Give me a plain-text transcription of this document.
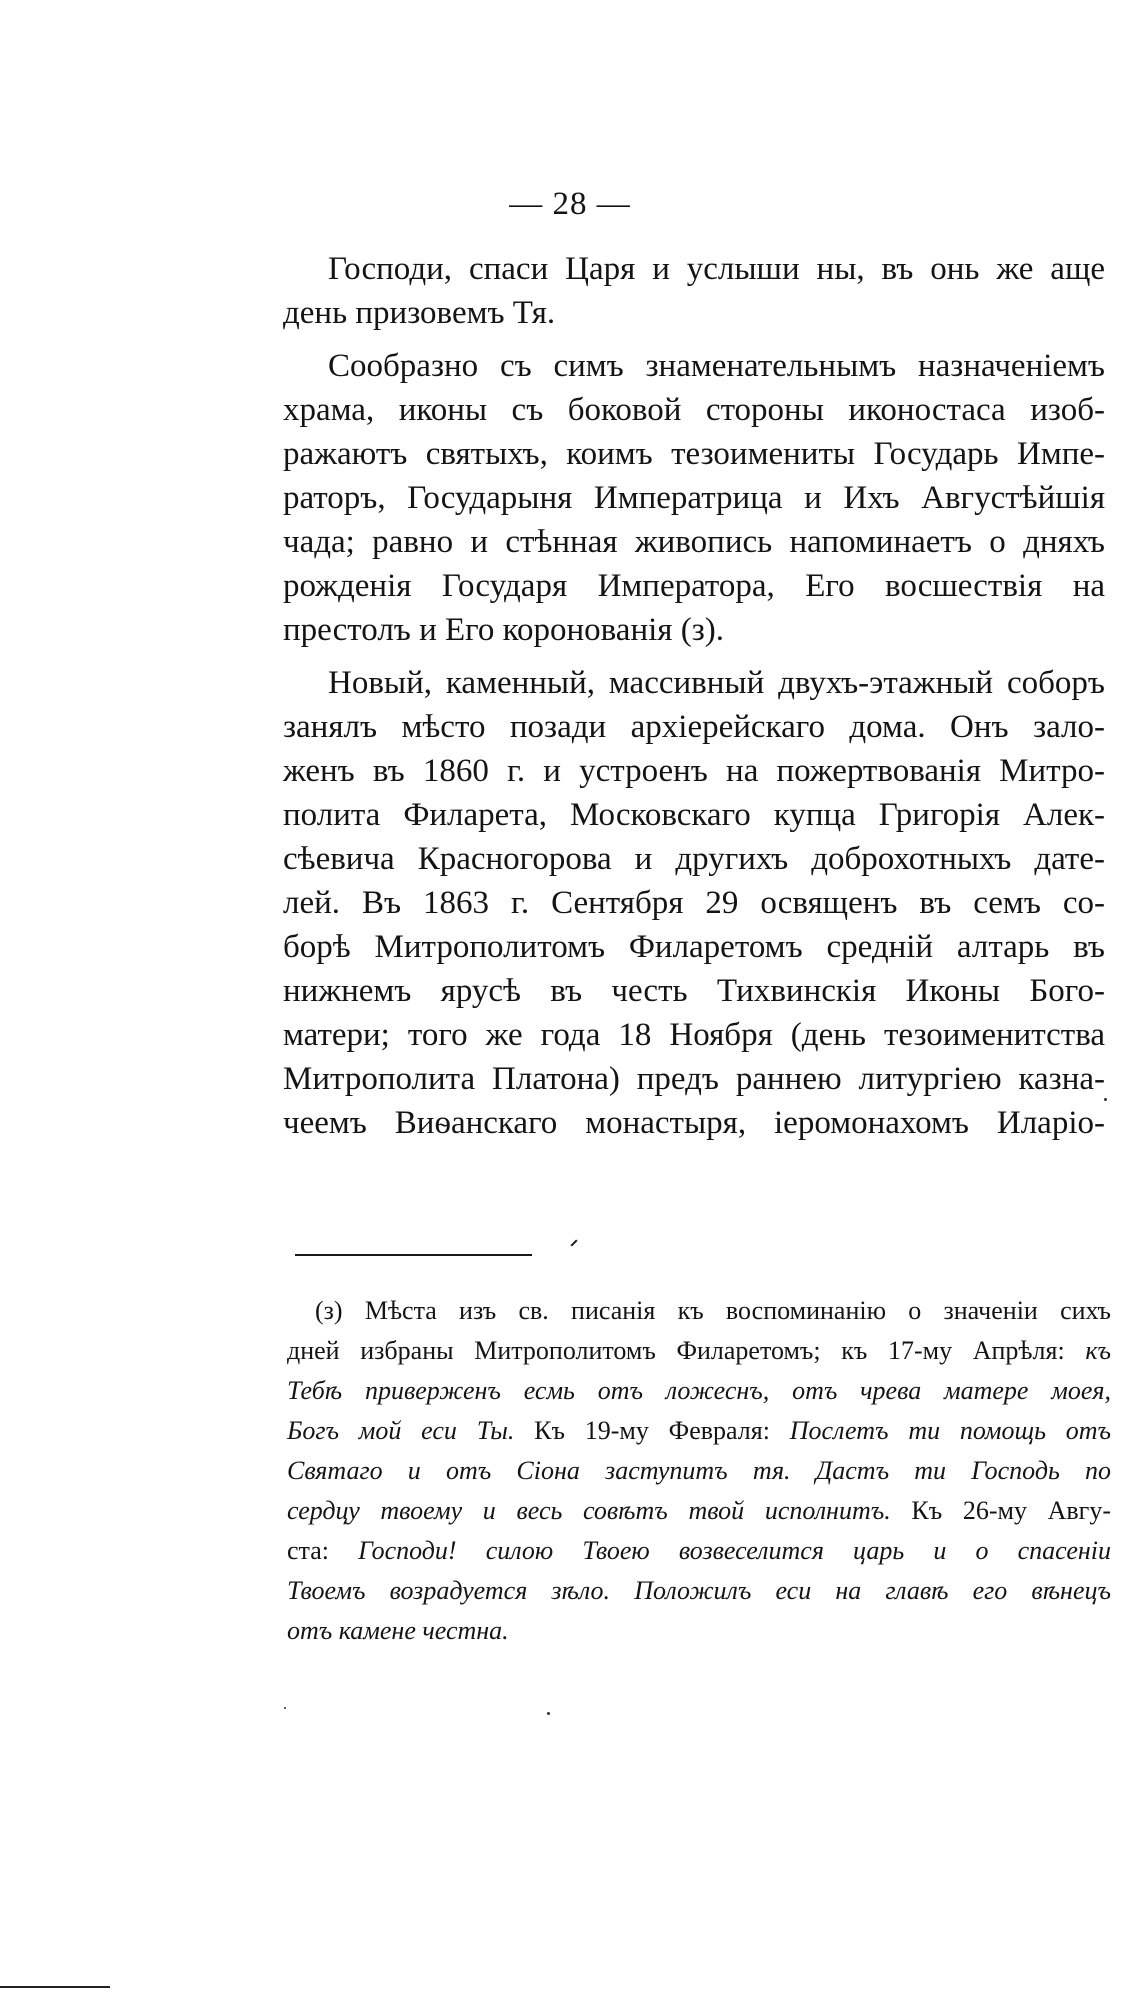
— 28 —
Господи, спаси Царя и услыши ны, въ онь же аще
день призовемъ Тя.
Сообразно съ симъ знаменательнымъ назначеніемъ
храма, иконы съ боковой стороны иконостаса изоб-
ражаютъ святыхъ, коимъ тезоимениты Государь Импе-
раторъ, Государыня Императрица и Ихъ Августѣйшія
чада; равно и стѣнная живопись напоминаетъ о дняхъ
рожденія Государя Императора, Его восшествія на
престолъ и Его коронованія (з).
Новый, каменный, массивный двухъ-этажный соборъ
занялъ мѣсто позади архіерейскаго дома. Онъ зало-
женъ въ 1860 г. и устроенъ на пожертвованія Митро-
полита Филарета, Московскаго купца Григорія Алек-
сѣевича Красногорова и другихъ доброхотныхъ дате-
лей. Въ 1863 г. Сентября 29 освященъ въ семъ со-
борѣ Митрополитомъ Филаретомъ средній алтарь въ
нижнемъ ярусѣ въ честь Тихвинскія Иконы Бого-
матери; того же года 18 Ноября (день тезоименитства
Митрополита Платона) предъ раннею литургіею казна-
чеемъ Виѳанскаго монастыря, іеромонахомъ Иларіо-
(з) Мѣста изъ св. писанія къ воспоминанію о значеніи сихъ
дней избраны Митрополитомъ Филаретомъ; къ 17-му Апрѣля: къ
Тебѣ приверженъ есмь отъ ложеснъ, отъ чрева матере моея,
Богъ мой еси Ты. Къ 19-му Февраля: Послетъ ти помощь отъ
Святаго и отъ Сіона заступитъ тя. Дастъ ти Господь по
сердцу твоему и весь совѣтъ твой исполнитъ. Къ 26-му Авгу-
ста: Господи! силою Твоею возвеселится царь и о спасеніи
Твоемъ возрадуется зѣло. Положилъ еси на главѣ его вѣнецъ
отъ камене честна.
